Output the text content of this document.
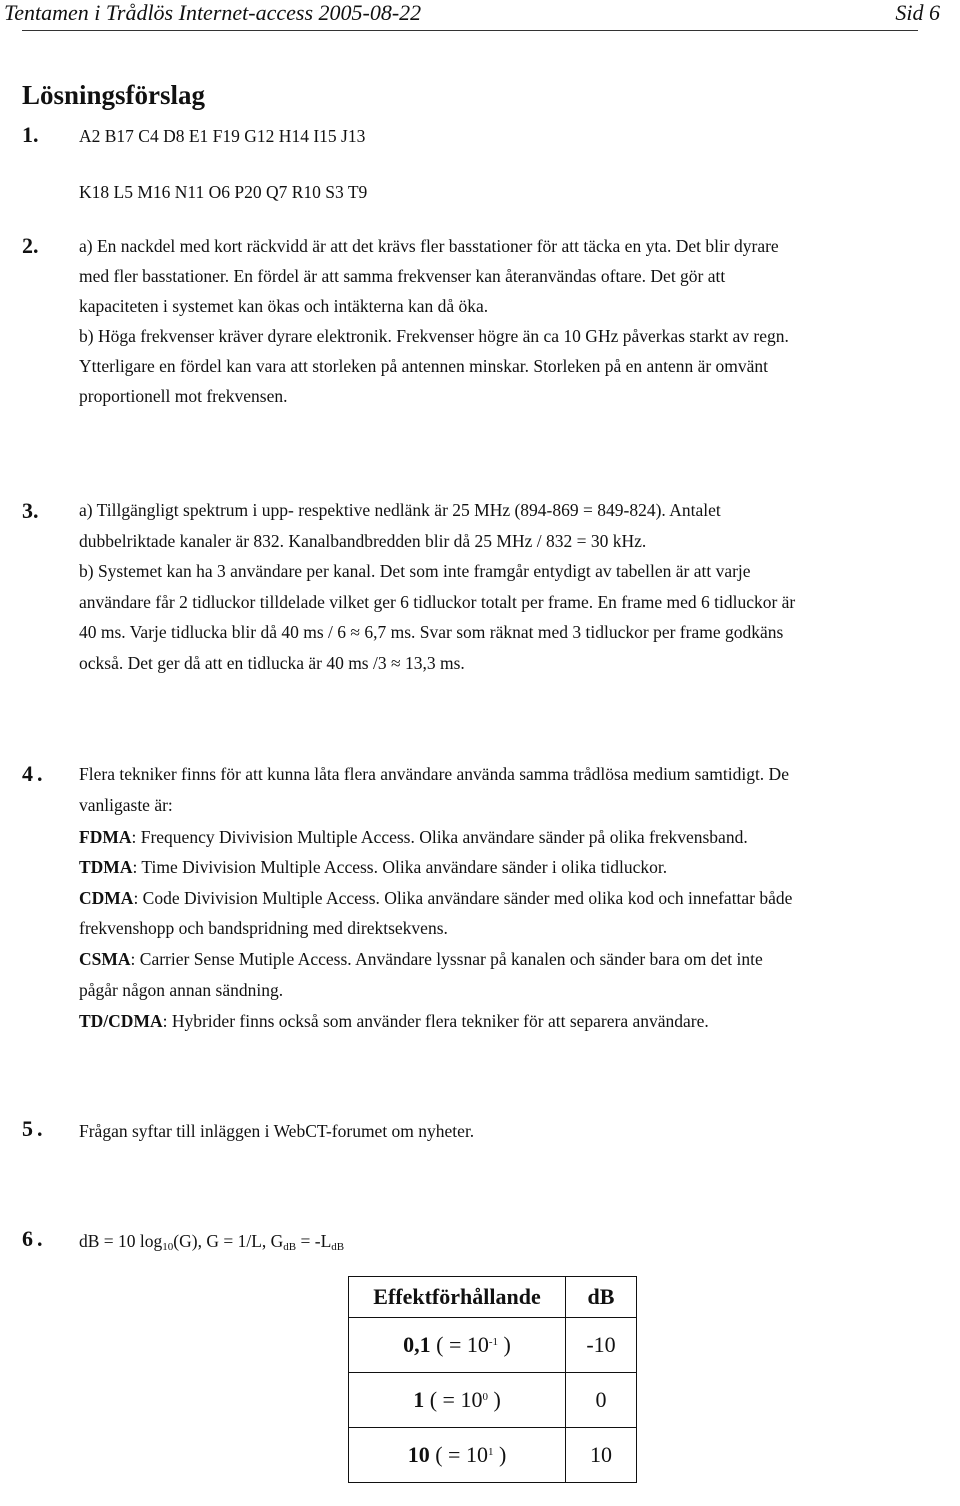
Tentamen i Trådlös Internet-access 2005-08-22	Sid 6
Lösningsförslag
1. A2 B17 C4 D8 E1 F19 G12 H14 I15 J13
K18 L5 M16 N11 O6 P20 Q7 R10 S3 T9
2. a) En nackdel med kort räckvidd är att det krävs fler basstationer för att täcka en yta. Det blir dyrare
med fler basstationer. En fördel är att samma frekvenser kan återanvändas oftare. Det gör att
kapaciteten i systemet kan ökas och intäkterna kan då öka.
b) Höga frekvenser kräver dyrare elektronik. Frekvenser högre än ca 10 GHz påverkas starkt av regn.
Ytterligare en fördel kan vara att storleken på antennen minskar. Storleken på en antenn är omvänt
proportionell mot frekvensen.
3. a) Tillgängligt spektrum i upp- respektive nedlänk är 25 MHz (894-869 = 849-824). Antalet
dubbelriktade kanaler är 832. Kanalbandbredden blir då 25 MHz / 832 = 30 kHz.
b) Systemet kan ha 3 användare per kanal. Det som inte framgår entydigt av tabellen är att varje
användare får 2 tidluckor tilldelade vilket ger 6 tidluckor totalt per frame. En frame med 6 tidluckor är
40 ms. Varje tidlucka blir då 40 ms / 6 ≈ 6,7 ms. Svar som räknat med 3 tidluckor per frame godkäns
också. Det ger då att en tidlucka är 40 ms /3 ≈ 13,3 ms.
4. Flera tekniker finns för att kunna låta flera användare använda samma trådlösa medium samtidigt. De
vanligaste är:
FDMA: Frequency Divivision Multiple Access. Olika användare sänder på olika frekvensband.
TDMA: Time Divivision Multiple Access. Olika användare sänder i olika tidluckor.
CDMA: Code Divivision Multiple Access. Olika användare sänder med olika kod och innefattar både
frekvenshopp och bandspridning med direktsekvens.
CSMA: Carrier Sense Mutiple Access. Användare lyssnar på kanalen och sänder bara om det inte
pågår någon annan sändning.
TD/CDMA: Hybrider finns också som använder flera tekniker för att separera användare.
5. Frågan syftar till inläggen i WebCT-forumet om nyheter.
6. dB = 10 $\log_{10}(G)$, G = 1/L, $G_{dB} = -L_{dB}$
Effektförhållande	dB
0,1 ( = $10^{-1}$ )	-10
1 ( = $10^0$ )	0
10 ( = $10^1$ )	10
